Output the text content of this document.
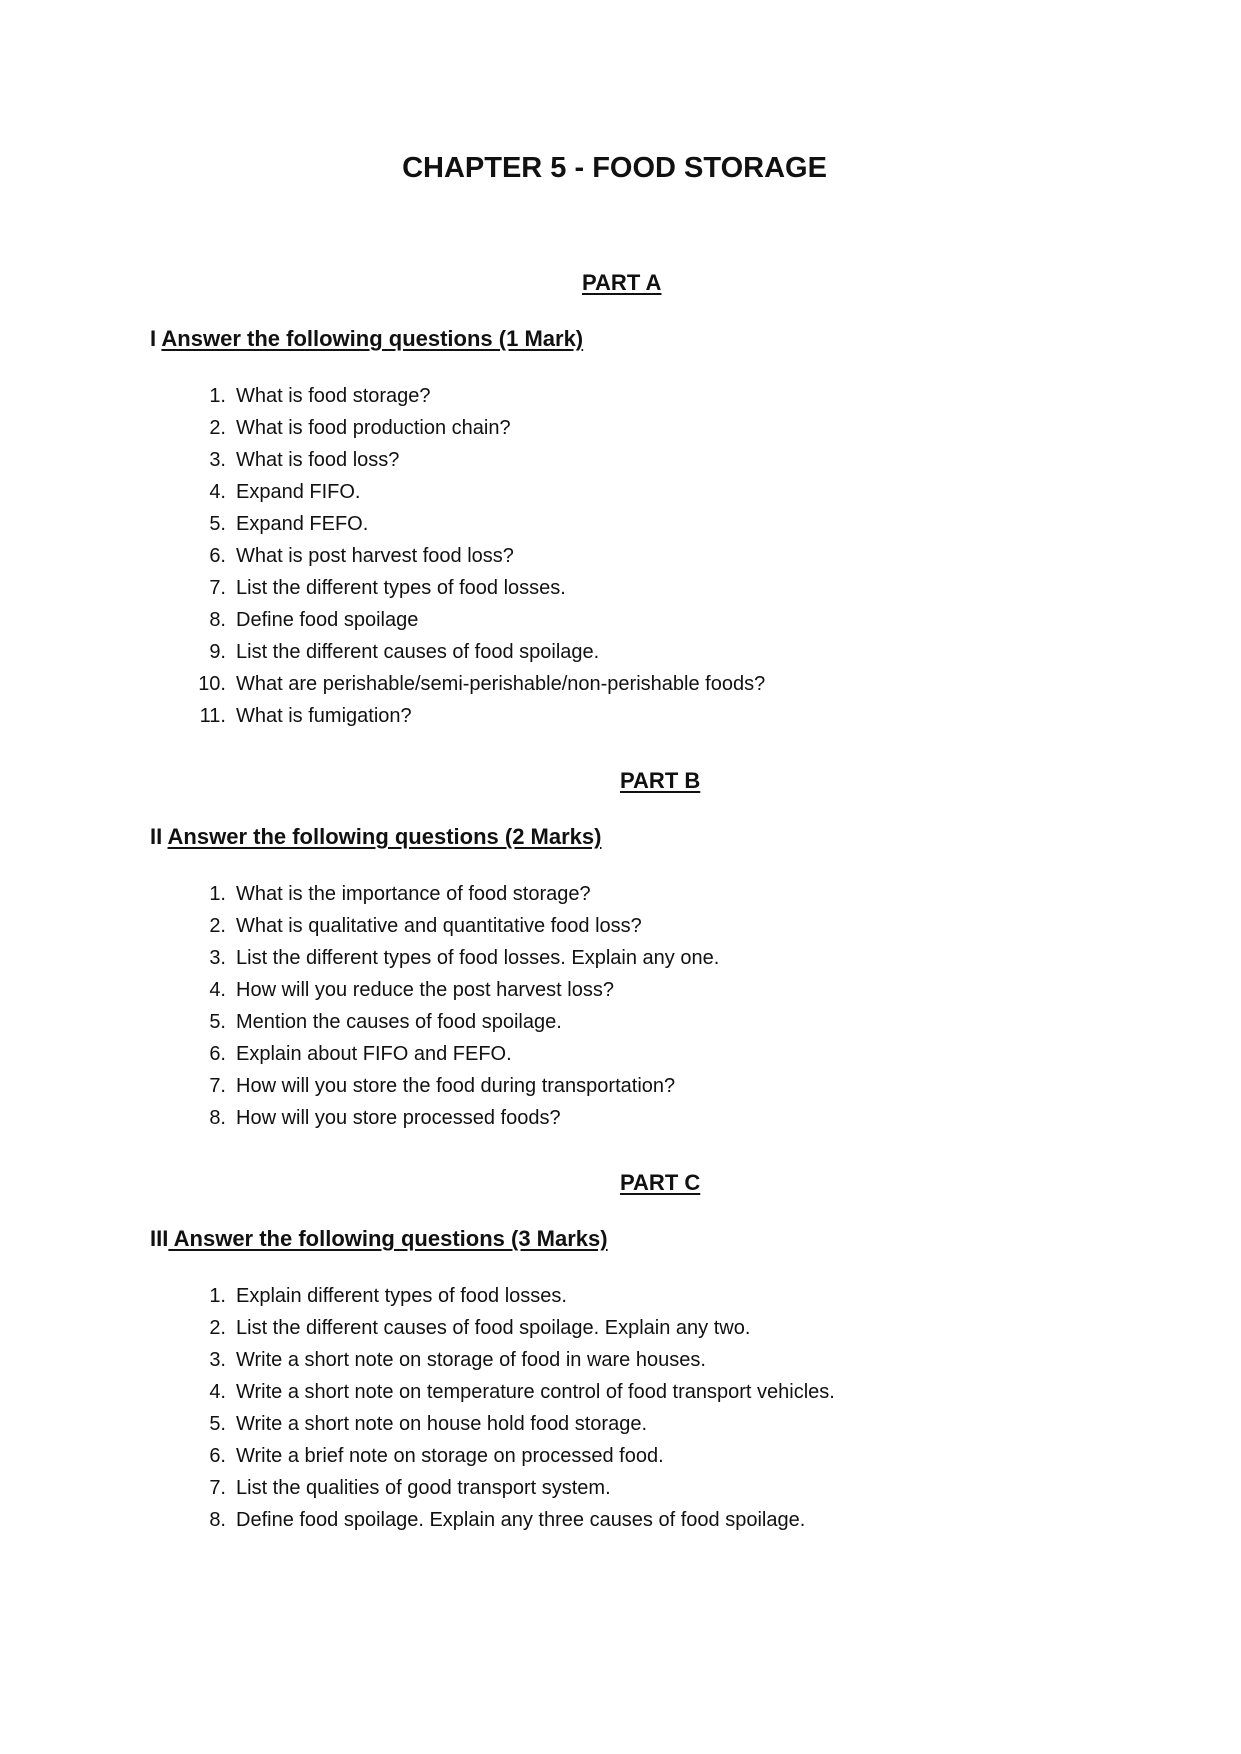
CHAPTER 5 - FOOD STORAGE
PART A
I Answer the following questions (1 Mark)
1. What is food storage?
2. What is food production chain?
3. What is food loss?
4. Expand FIFO.
5. Expand FEFO.
6. What is post harvest food loss?
7. List the different types of food losses.
8. Define food spoilage
9. List the different causes of food spoilage.
10. What are perishable/semi-perishable/non-perishable foods?
11. What is fumigation?
PART B
II Answer the following questions (2 Marks)
1. What is the importance of food storage?
2. What is qualitative and quantitative food loss?
3. List the different types of food losses. Explain any one.
4. How will you reduce the post harvest loss?
5. Mention the causes of food spoilage.
6. Explain about FIFO and FEFO.
7. How will you store the food during transportation?
8. How will you store processed foods?
PART C
III Answer the following questions (3 Marks)
1. Explain different types of food losses.
2. List the different causes of food spoilage. Explain any two.
3. Write a short note on storage of food in ware houses.
4. Write a short note on temperature control of food transport vehicles.
5. Write a short note on house hold food storage.
6. Write a brief note on storage on processed food.
7. List the qualities of good transport system.
8. Define food spoilage. Explain any three causes of food spoilage.
